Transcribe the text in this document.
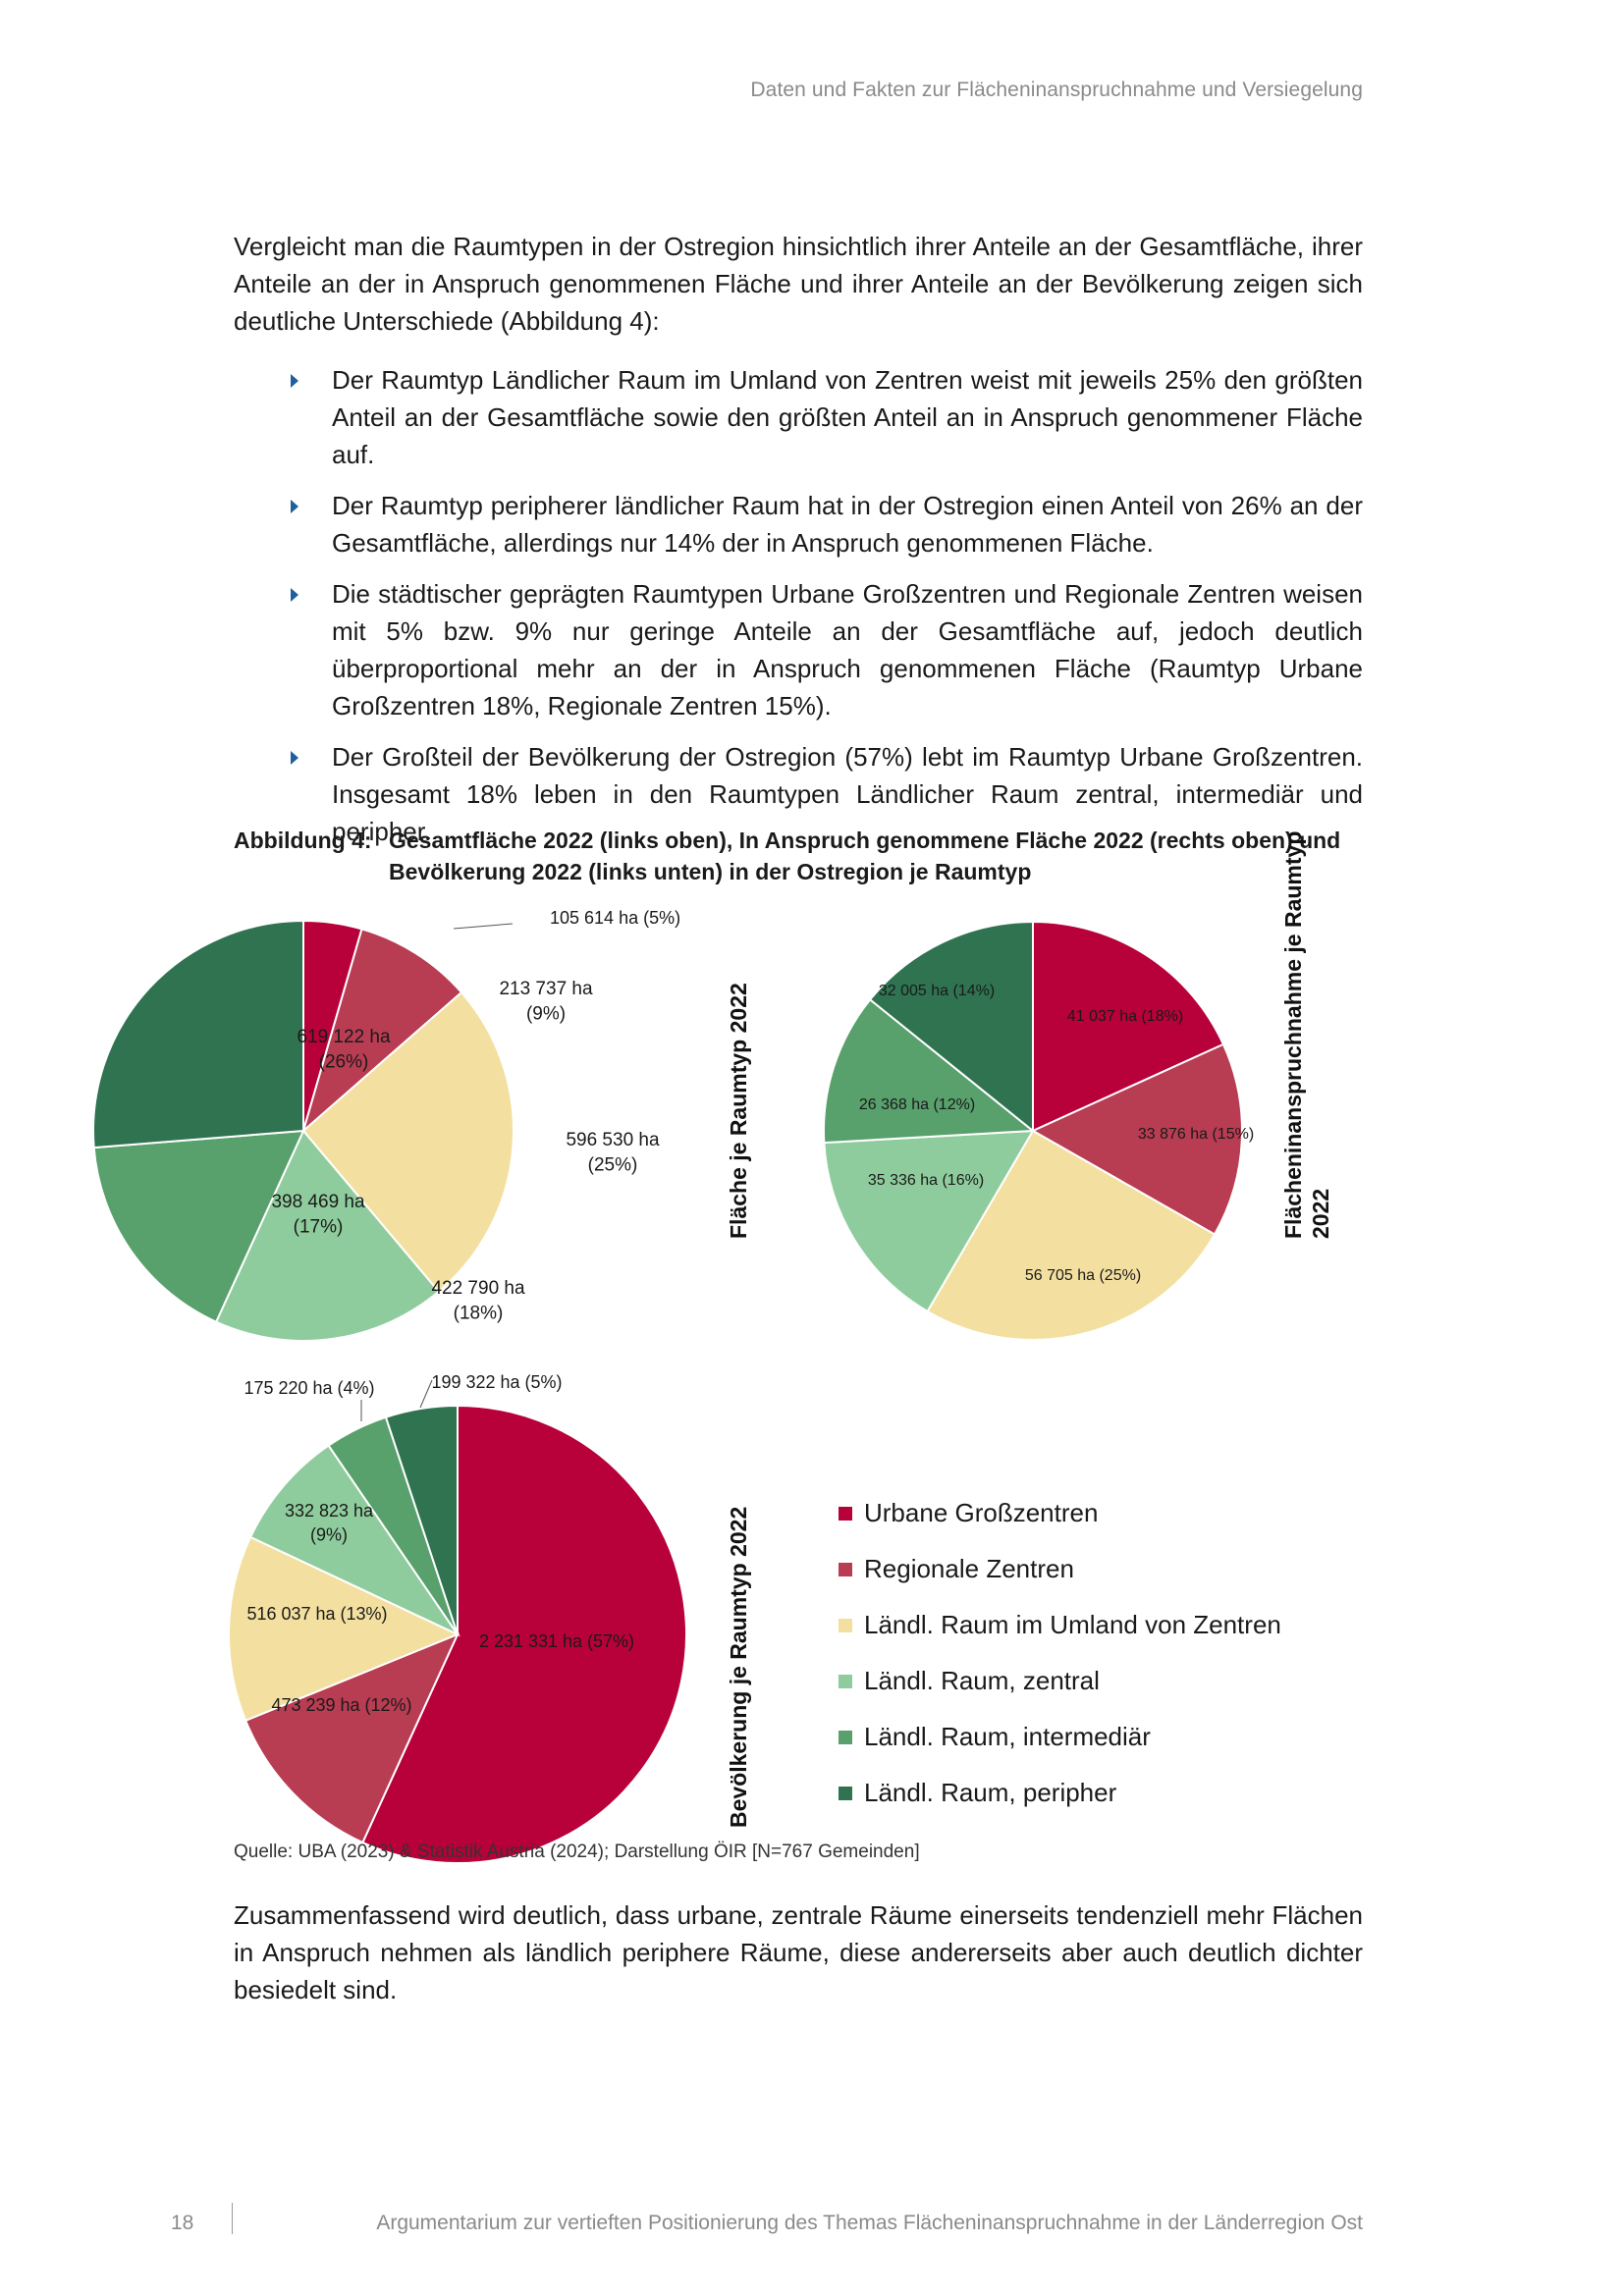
Daten und Fakten zur Flächeninanspruchnahme und Versiegelung

Vergleicht man die Raumtypen in der Ostregion hinsichtlich ihrer Anteile an der Gesamtfläche, ihrer Anteile an der in Anspruch genommenen Fläche und ihrer Anteile an der Bevölkerung zeigen sich deutliche Unterschiede (Abbildung 4):

Der Raumtyp Ländlicher Raum im Umland von Zentren weist mit jeweils 25% den größten Anteil an der Gesamtfläche sowie den größten Anteil an in Anspruch genommener Fläche auf.
Der Raumtyp peripherer ländlicher Raum hat in der Ostregion einen Anteil von 26% an der Gesamtfläche, allerdings nur 14% der in Anspruch genommenen Fläche.
Die städtischer geprägten Raumtypen Urbane Großzentren und Regionale Zentren weisen mit 5% bzw. 9% nur geringe Anteile an der Gesamtfläche auf, jedoch deutlich überproportional mehr an der in Anspruch genommenen Fläche (Raumtyp Urbane Großzentren 18%, Regionale Zentren 15%).
Der Großteil der Bevölkerung der Ostregion (57%) lebt im Raumtyp Urbane Großzentren. Insgesamt 18% leben in den Raumtypen Ländlicher Raum zentral, intermediär und peripher.
Abbildung 4: Gesamtfläche 2022 (links oben), In Anspruch genommene Fläche 2022 (rechts oben) und Bevölkerung 2022 (links unten) in der Ostregion je Raumtyp
105 614 ha (5%)
213 737 ha (9%)
596 530 ha (25%)
422 790 ha (18%)
398 469 ha (17%)
619 122 ha (26%)	Fläche je Raumtyp 2022	41 037 ha (18%)
33 876 ha (15%)
56 705 ha (25%)
35 336 ha (16%)
26 368 ha (12%)
32 005 ha (14%)	Flächeninanspruchnahme je Raumtyp 2022
2 231 331 ha (57%)
473 239 ha (12%)
516 037 ha (13%)
332 823 ha (9%)
175 220 ha (4%)	199 322 ha (5%)
Bevölkerung je Raumtyp 2022	Urbane Großzentren
Regionale Zentren
Ländl. Raum im Umland von Zentren
Ländl. Raum, zentral
Ländl. Raum, intermediär
Ländl. Raum, peripher
Quelle: UBA (2023) & Statistik Austria (2024); Darstellung ÖIR [N=767 Gemeinden]

Zusammenfassend wird deutlich, dass urbane, zentrale Räume einerseits tendenziell mehr Flächen in Anspruch nehmen als ländlich periphere Räume, diese andererseits aber auch deutlich dichter besiedelt sind.

18	Argumentarium zur vertieften Positionierung des Themas Flächeninanspruchnahme in der Länderregion Ost
